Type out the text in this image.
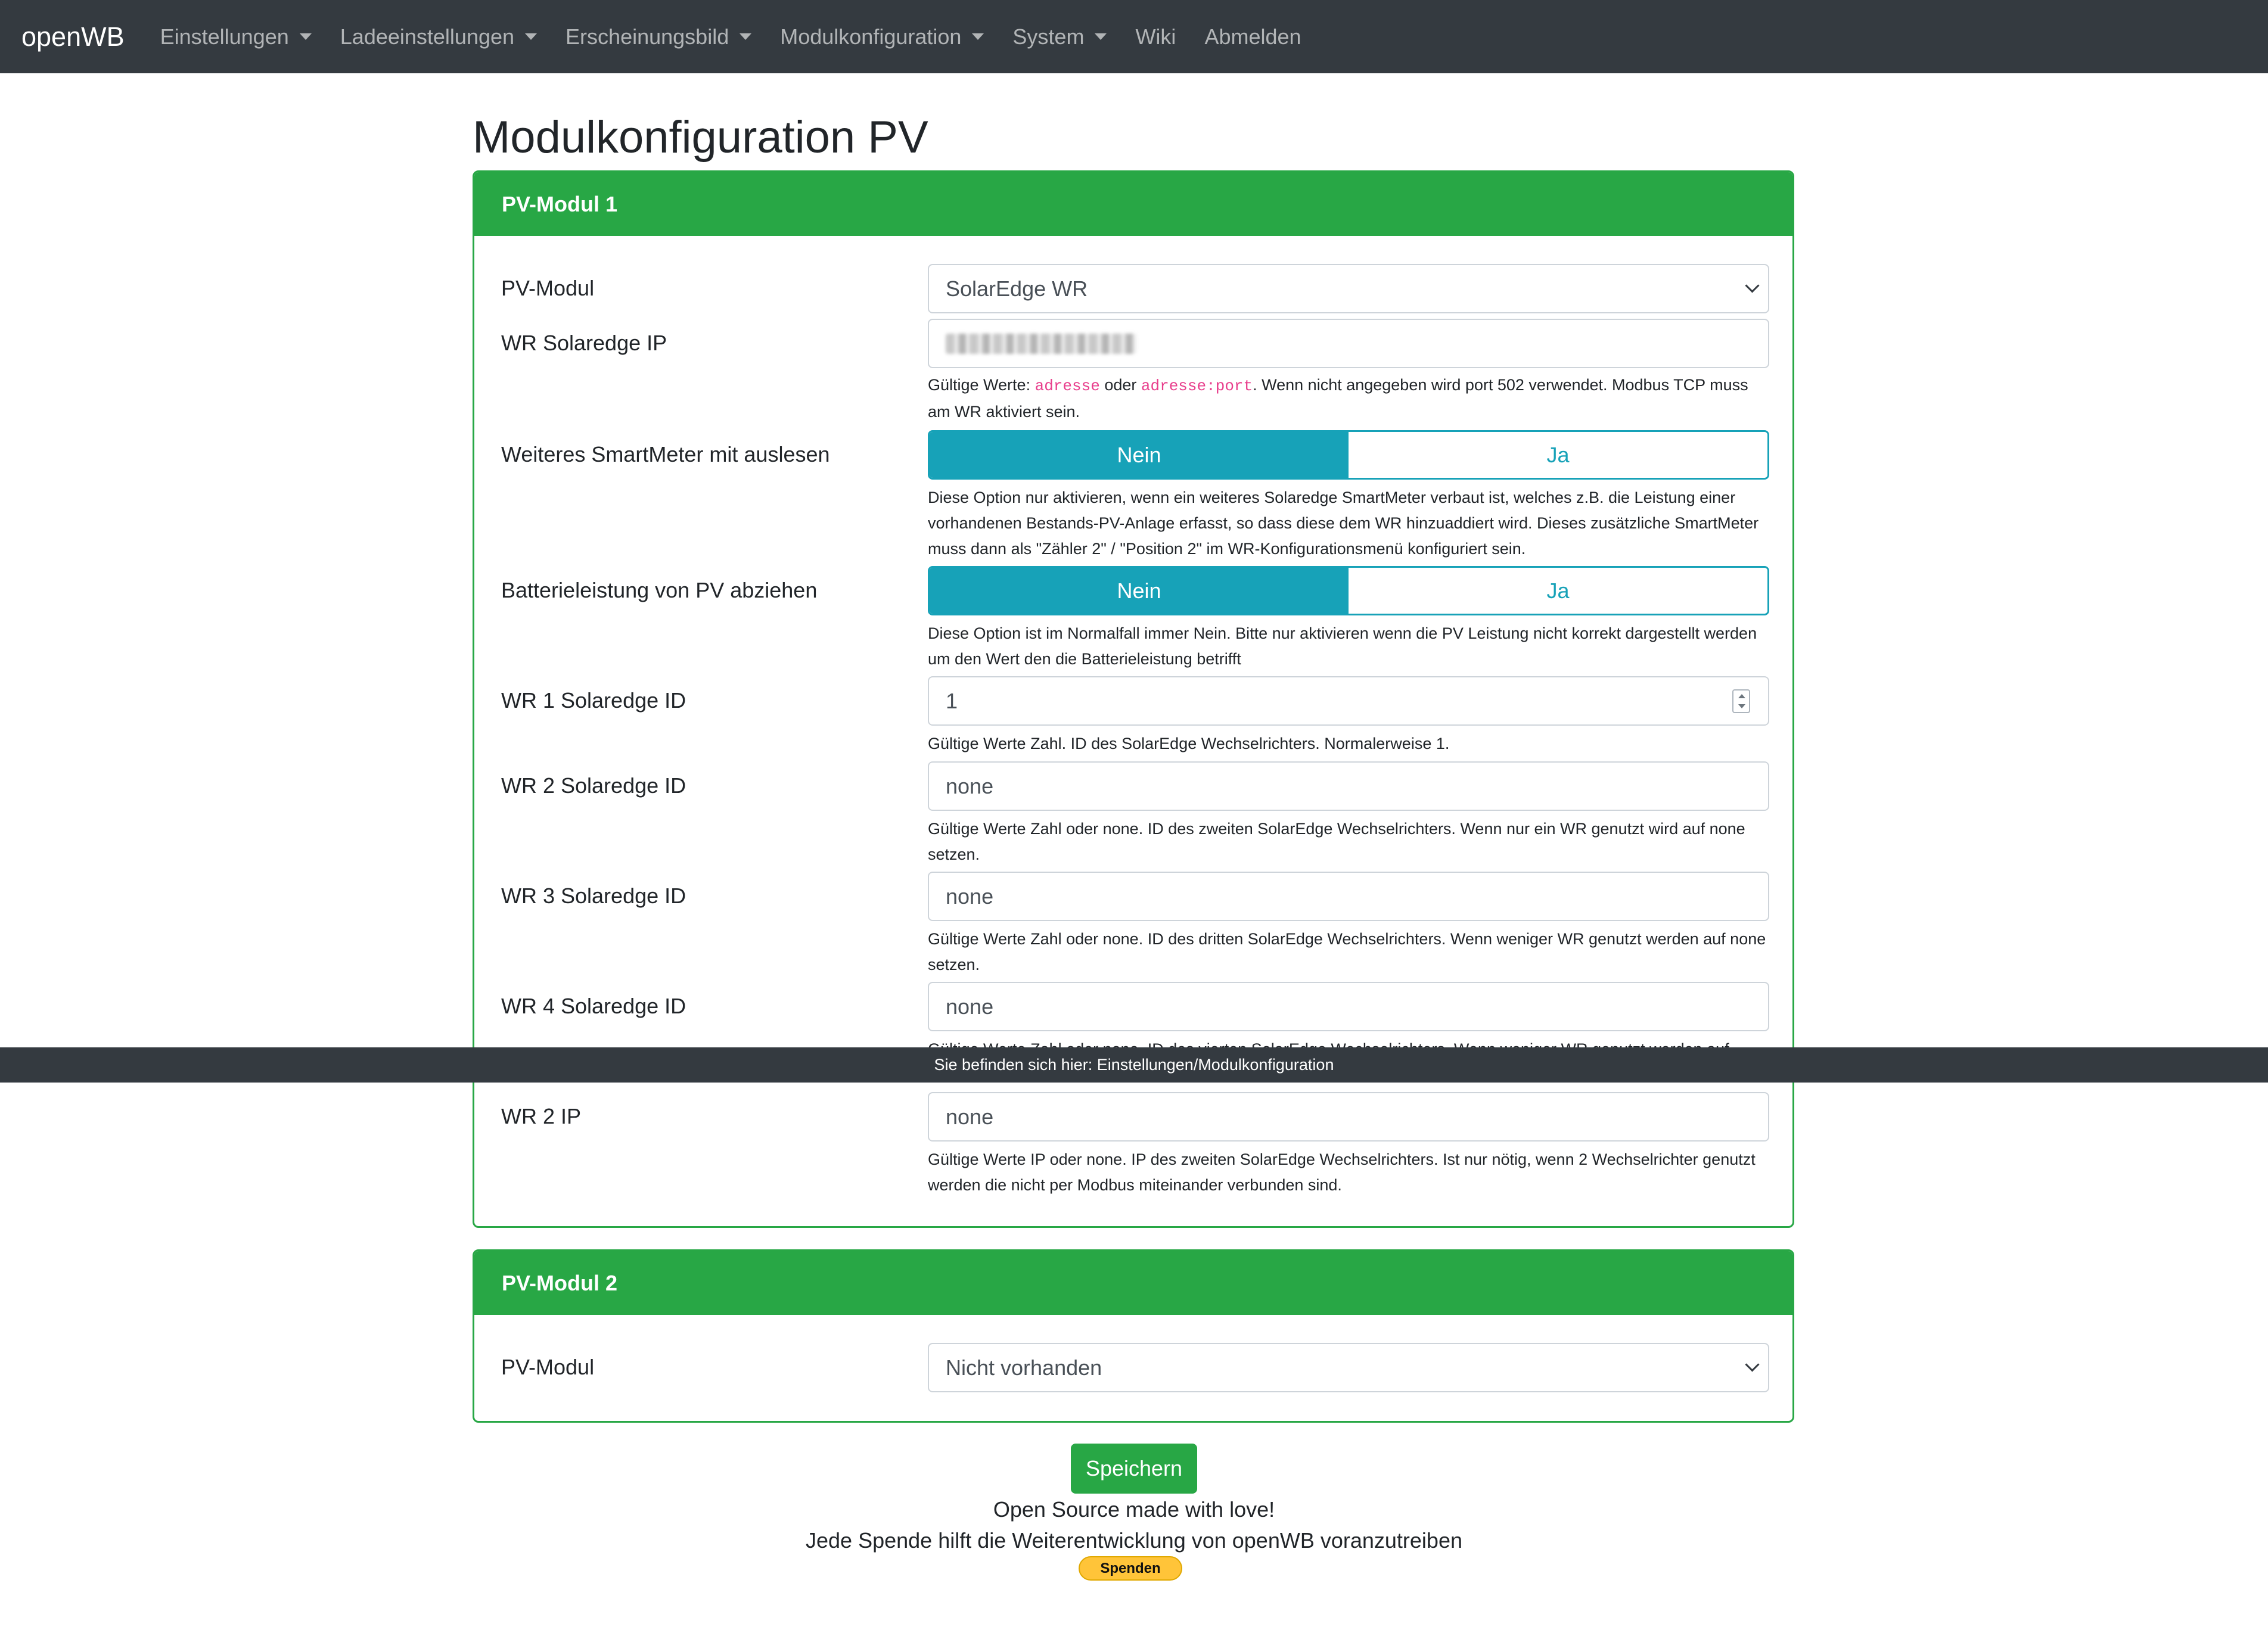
openWB Einstellungen Ladeeinstellungen Erscheinungsbild Modulkonfiguration System Wiki Abmelden
Modulkonfiguration PV
PV-Modul 1
PV-Modul	SolarEdge WR
WR Solaredge IP
Gültige Werte: adresse oder adresse:port. Wenn nicht angegeben wird port 502 verwendet. Modbus TCP muss am WR aktiviert sein.
Weiteres SmartMeter mit auslesen	Nein	Ja
Diese Option nur aktivieren, wenn ein weiteres Solaredge SmartMeter verbaut ist, welches z.B. die Leistung einer vorhandenen Bestands-PV-Anlage erfasst, so dass diese dem WR hinzuaddiert wird. Dieses zusätzliche SmartMeter muss dann als "Zähler 2" / "Position 2" im WR-Konfigurationsmenü konfiguriert sein.
Batterieleistung von PV abziehen	Nein	Ja
Diese Option ist im Normalfall immer Nein. Bitte nur aktivieren wenn die PV Leistung nicht korrekt dargestellt werden um den Wert den die Batterieleistung betrifft
WR 1 Solaredge ID	1
Gültige Werte Zahl. ID des SolarEdge Wechselrichters. Normalerweise 1.
WR 2 Solaredge ID	none
Gültige Werte Zahl oder none. ID des zweiten SolarEdge Wechselrichters. Wenn nur ein WR genutzt wird auf none setzen.
WR 3 Solaredge ID	none
Gültige Werte Zahl oder none. ID des dritten SolarEdge Wechselrichters. Wenn weniger WR genutzt werden auf none setzen.
WR 4 Solaredge ID	none
WR 2 IP	none
Gültige Werte IP oder none. IP des zweiten SolarEdge Wechselrichters. Ist nur nötig, wenn 2 Wechselrichter genutzt werden die nicht per Modbus miteinander verbunden sind.
Sie befinden sich hier: Einstellungen/Modulkonfiguration
PV-Modul 2
PV-Modul	Nicht vorhanden
Speichern
Open Source made with love!
Jede Spende hilft die Weiterentwicklung von openWB voranzutreiben
Spenden
